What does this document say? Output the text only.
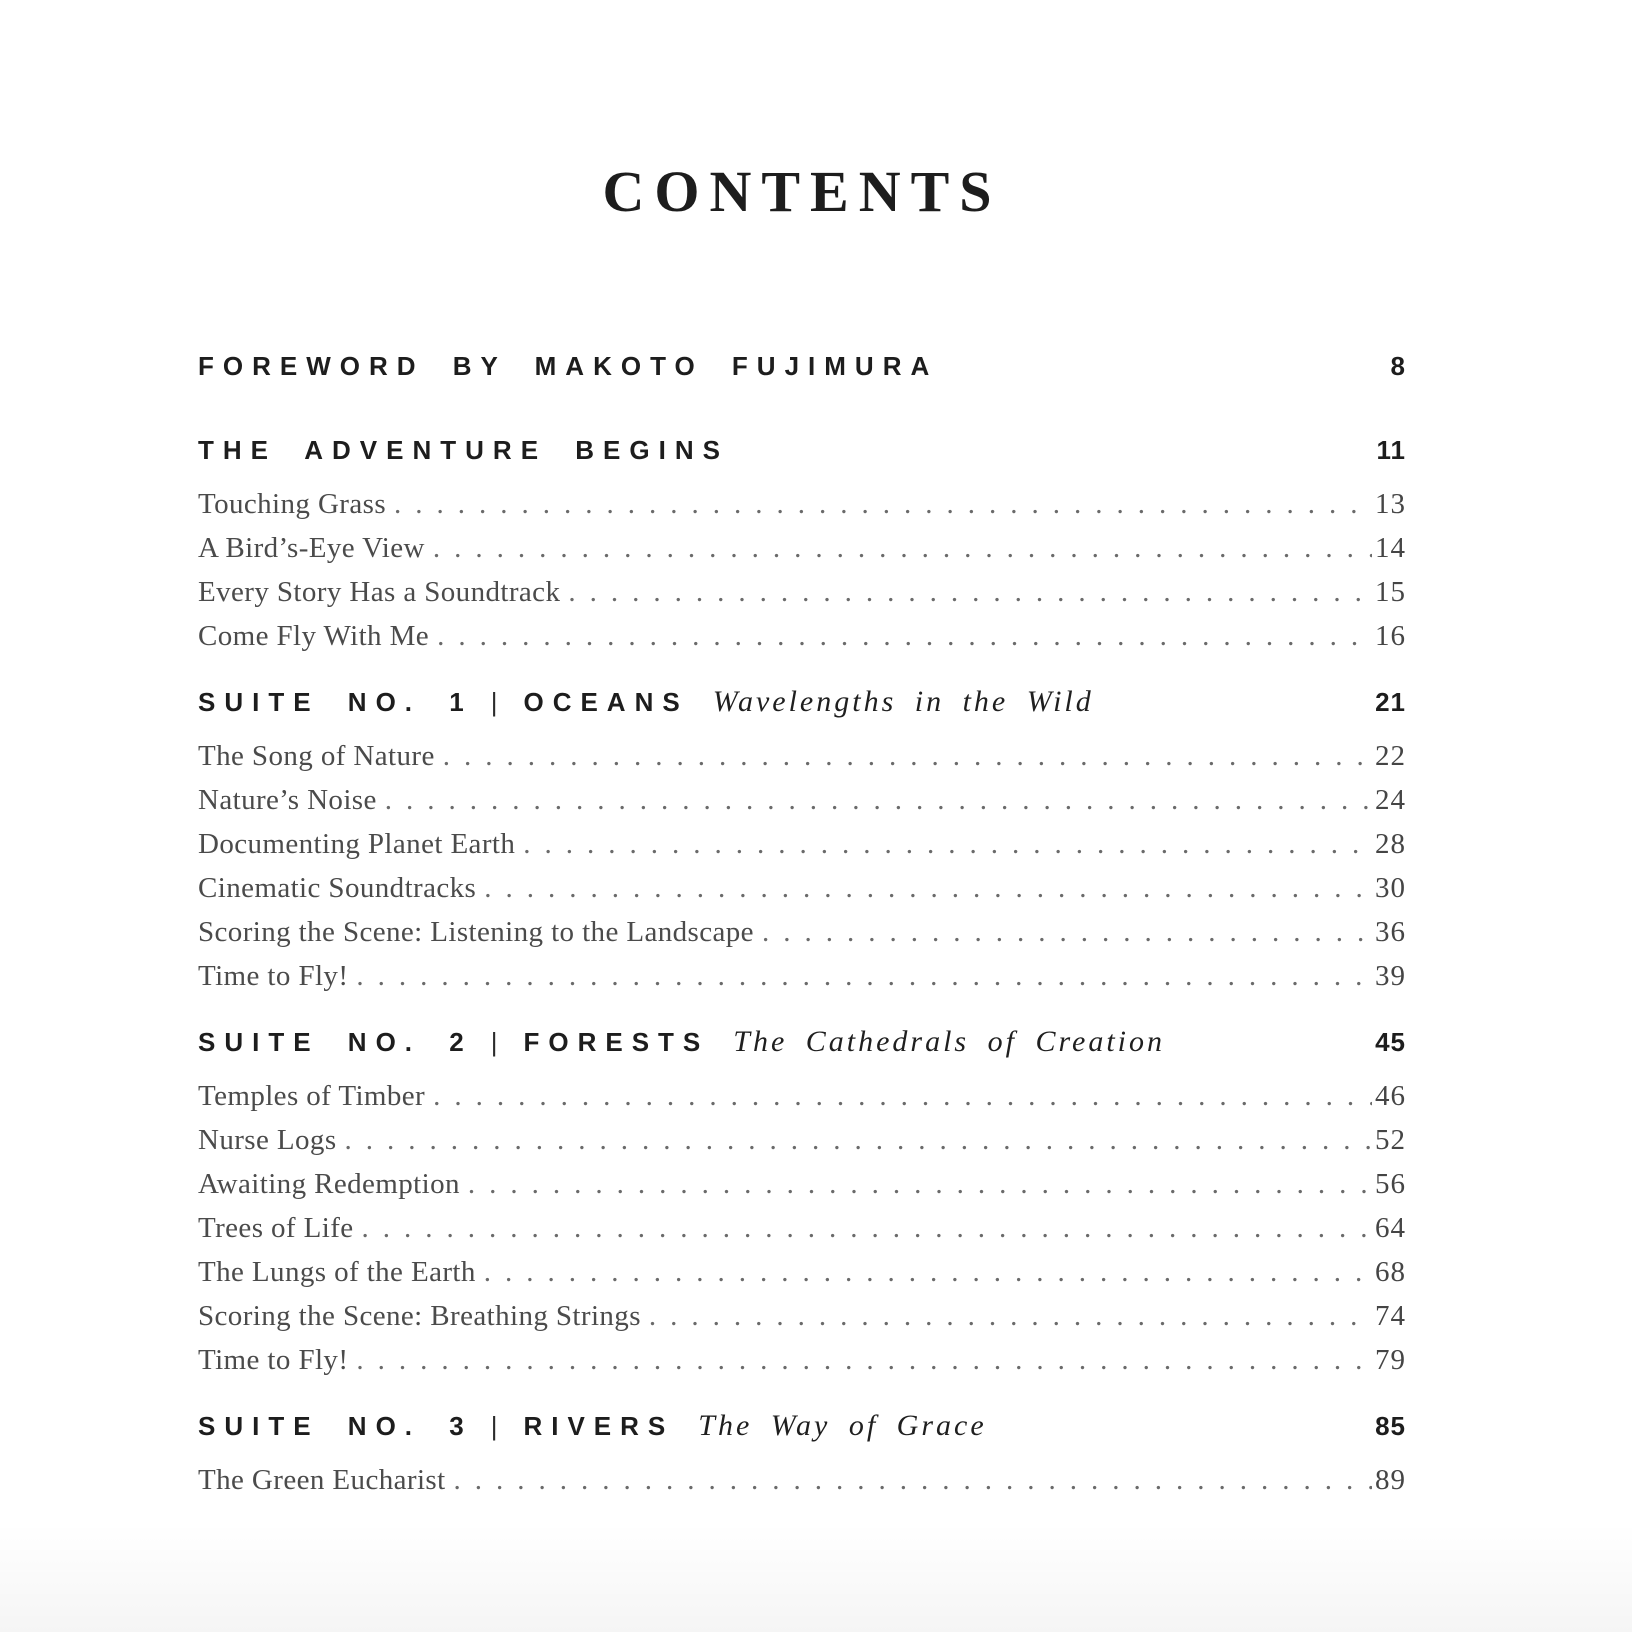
CONTENTS
FOREWORD BY MAKOTO FUJIMURA	8
THE ADVENTURE BEGINS	11
Touching Grass .....	13
A Bird’s-Eye View .....	14
Every Story Has a Soundtrack .....	15
Come Fly With Me .....	16
SUITE NO. 1 | OCEANS Wavelengths in the Wild	21
The Song of Nature .....	22
Nature’s Noise .....	24
Documenting Planet Earth .....	28
Cinematic Soundtracks .....	30
Scoring the Scene: Listening to the Landscape .....	36
Time to Fly! .....	39
SUITE NO. 2 | FORESTS The Cathedrals of Creation	45
Temples of Timber .....	46
Nurse Logs .....	52
Awaiting Redemption .....	56
Trees of Life .....	64
The Lungs of the Earth .....	68
Scoring the Scene: Breathing Strings .....	74
Time to Fly! .....	79
SUITE NO. 3 | RIVERS The Way of Grace	85
The Green Eucharist .....	89
